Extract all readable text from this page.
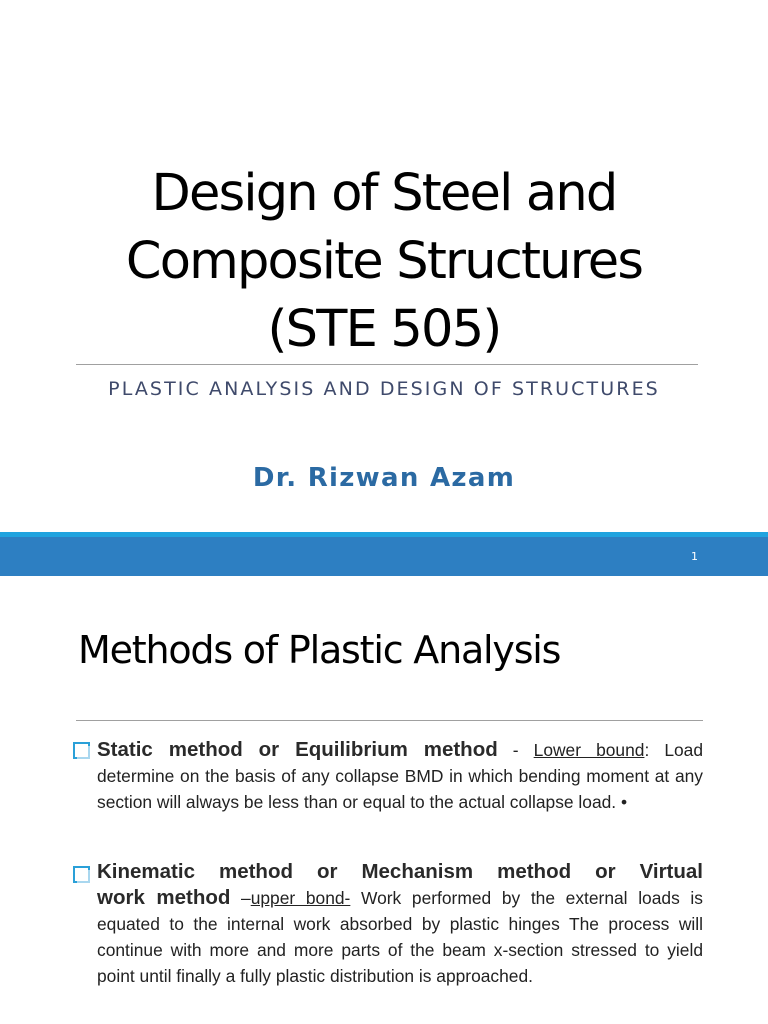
Design of Steel and
Composite Structures
(STE 505)
PLASTIC ANALYSIS AND DESIGN OF STRUCTURES
Dr. Rizwan Azam
1
Methods of Plastic Analysis
Static method or Equilibrium method - Lower bound: Load determine on the basis of any collapse BMD in which bending moment at any section will always be less than or equal to the actual collapse load. •
Kinematic method or Mechanism method or Virtual work method –upper bond- Work performed by the external loads is equated to the internal work absorbed by plastic hinges The process will continue with more and more parts of the beam x-section stressed to yield point until finally a fully plastic distribution is approached.
